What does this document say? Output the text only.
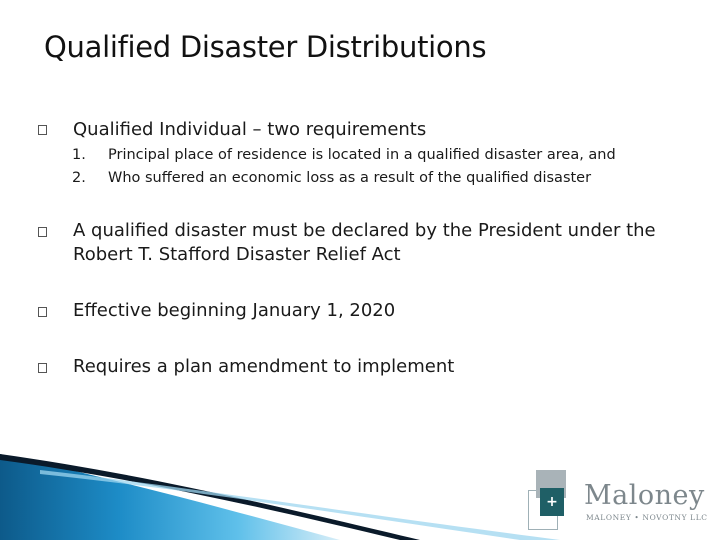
Qualified Disaster Distributions
Qualified Individual – two requirements
1.	Principal place of residence is located in a qualified disaster area, and
2.	Who suffered an economic loss as a result of the qualified disaster
A qualified disaster must be declared by the President under the Robert T. Stafford Disaster Relief Act
Effective beginning January 1, 2020
Requires a plan amendment to implement
+ Maloney
MALONEY • NOVOTNY LLC
